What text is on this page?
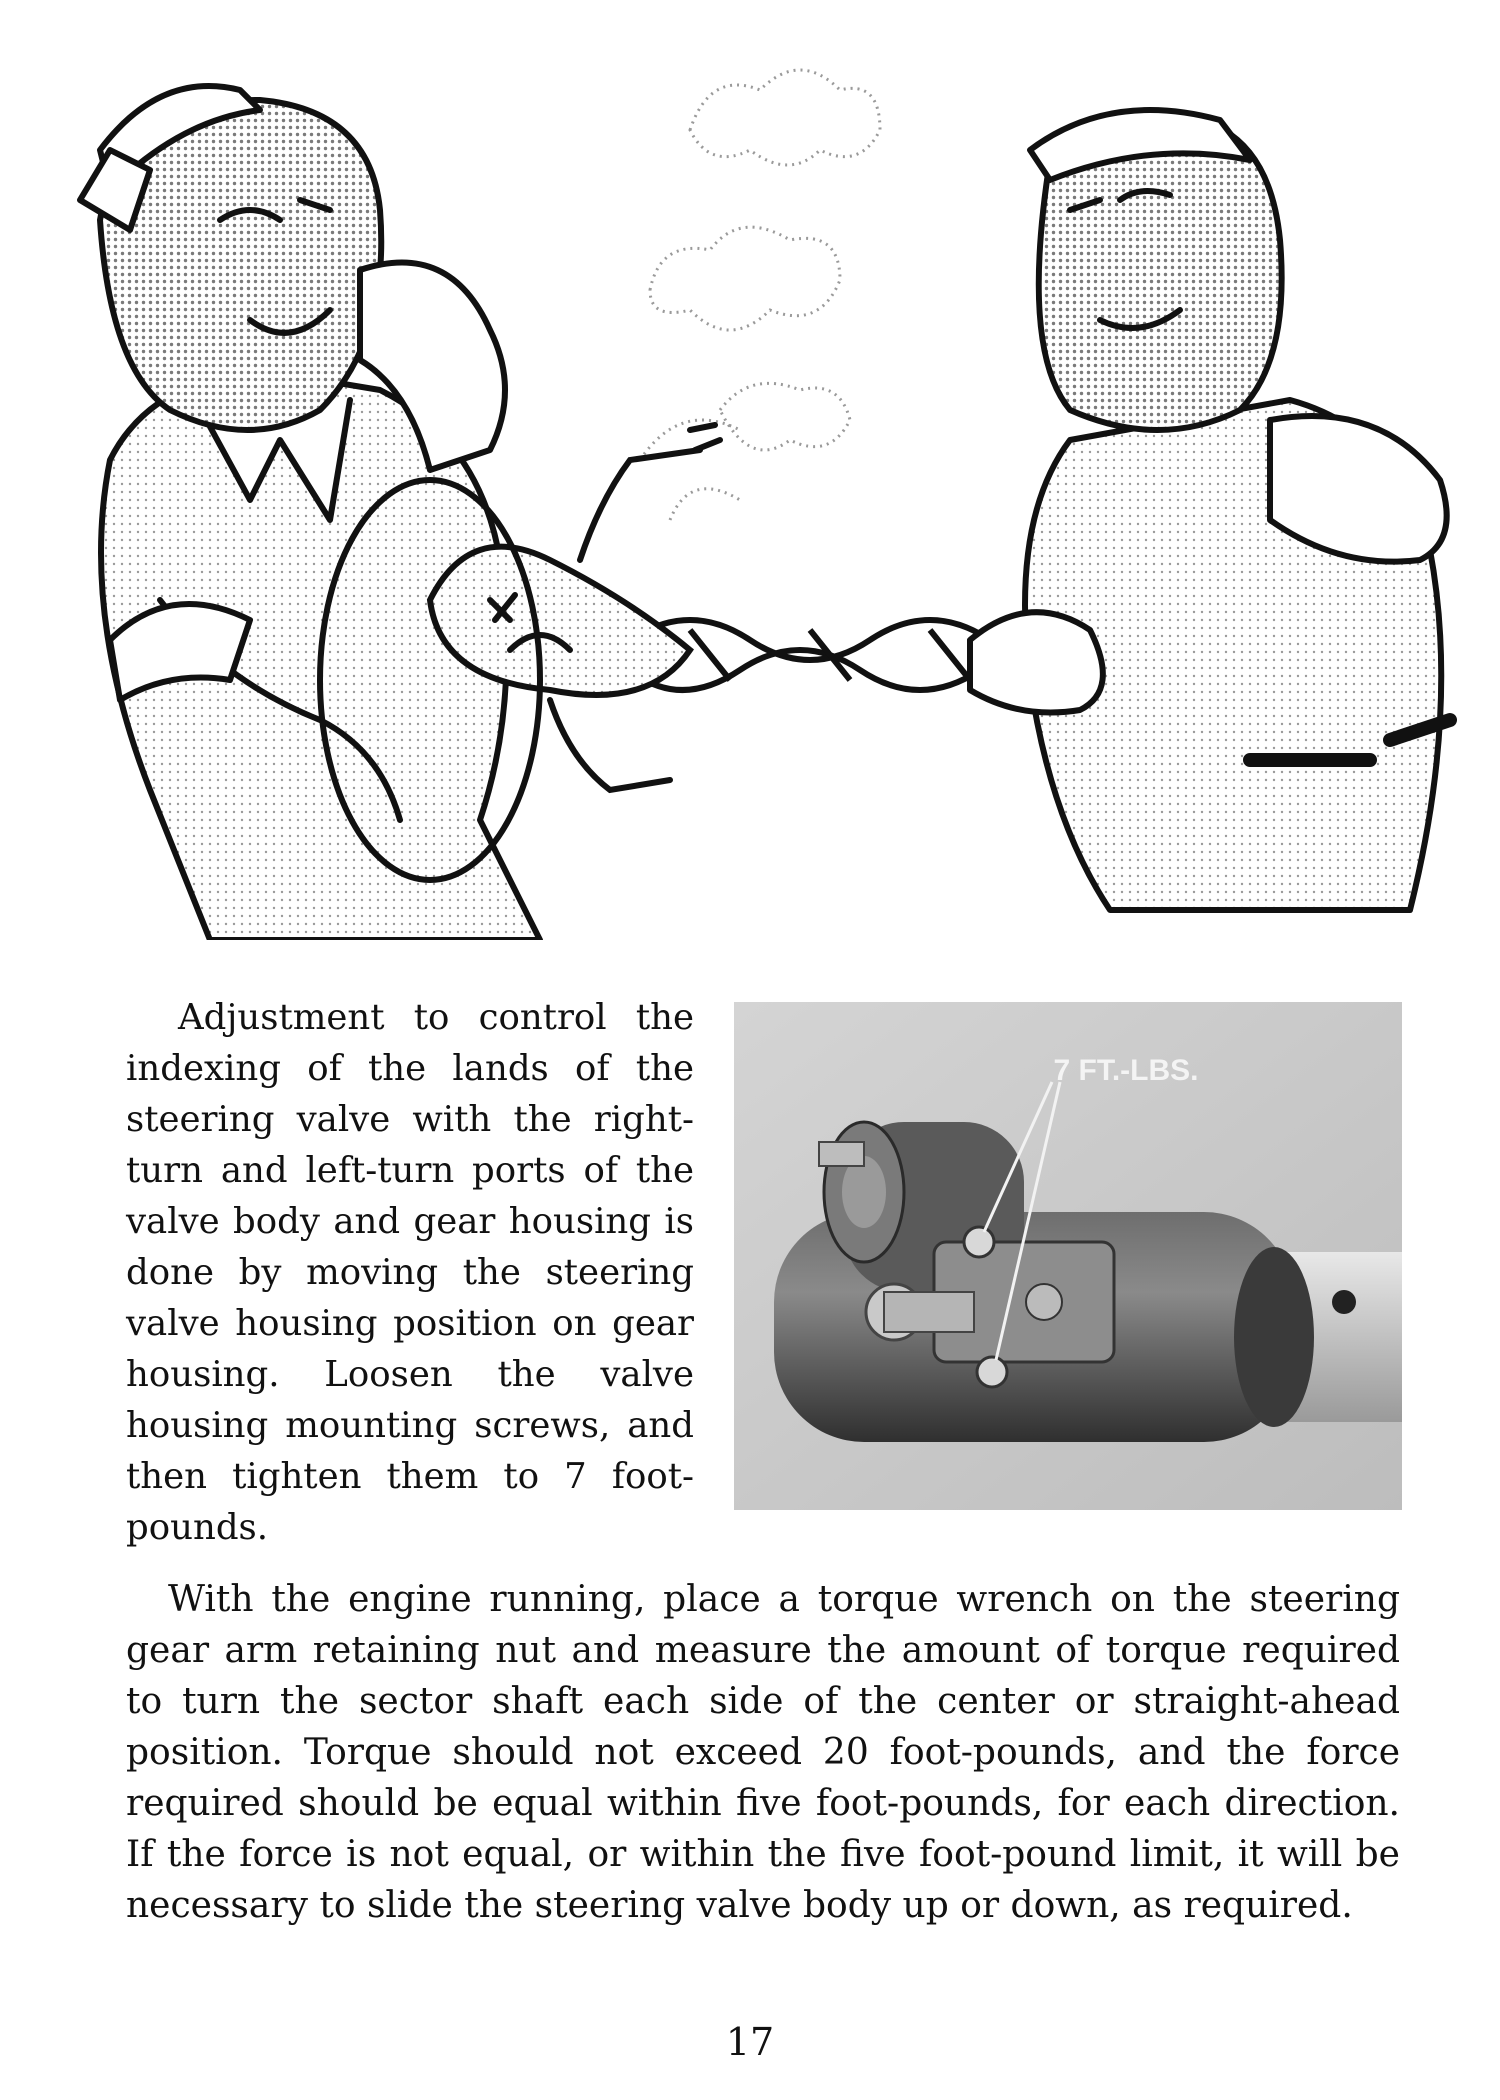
Adjustment to control the indexing of the lands of the steering valve with the rightturn and left-turn ports of the valve body and gear housing is done by moving the steering valve housing position on gear housing. Loosen the valve housing mounting screws, and then tighten them to 7 footpounds.

7 FT.-LBS.

With the engine running, place a torque wrench on the steering gear arm retaining nut and measure the amount of torque required to turn the sector shaft each side of the center or straight-ahead position. Torque should not exceed 20 foot-pounds, and the force required should be equal within five foot-pounds, for each direction. If the force is not equal, or within the five foot-pound limit, it will be necessary to slide the steering valve body up or down, as required.

17
